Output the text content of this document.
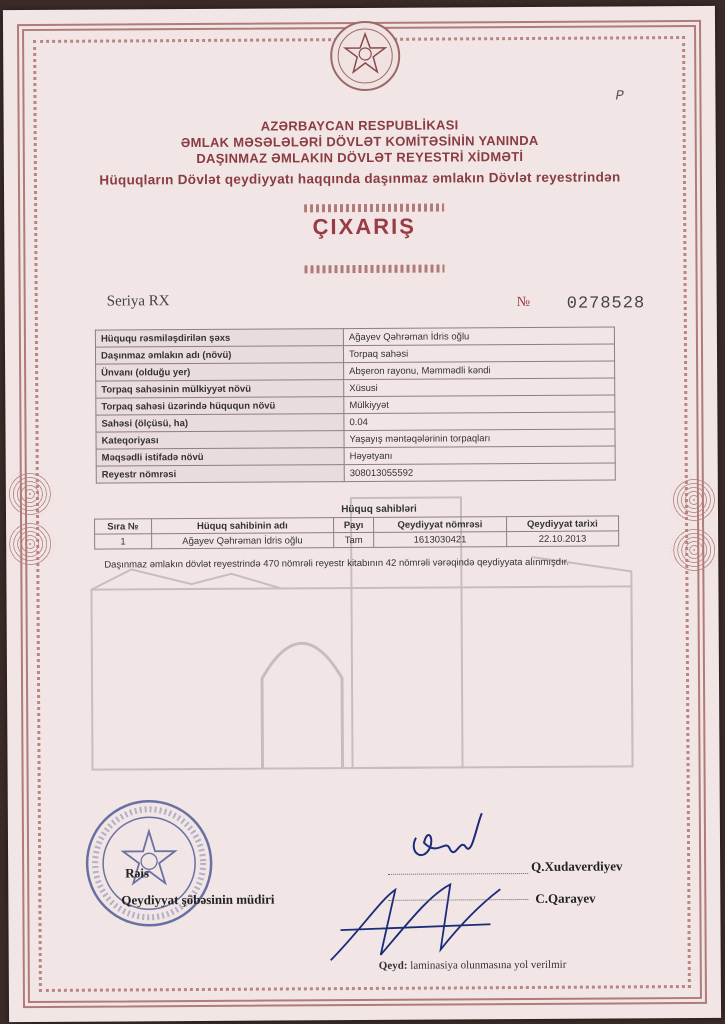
P
AZƏRBAYCAN RESPUBLİKASI
ƏMLAK MƏSƏLƏLƏRİ DÖVLƏT KOMİTƏSİNİN YANINDA
DAŞINMAZ ƏMLAKIN DÖVLƏT REYESTRİ XİDMƏTİ
Hüquqların Dövlət qeydiyyatı haqqında daşınmaz əmlakın Dövlət reyestrindən
ÇIXARIŞ
Seriya RX	№ 0278528
Hüququ rəsmiləşdirilən şəxs	Ağayev Qəhrəman İdris oğlu
Daşınmaz əmlakın adı (növü)	Torpaq sahəsi
Ünvanı (olduğu yer)	Abşeron rayonu, Məmmədli kəndi
Torpaq sahəsinin mülkiyyət növü	Xüsusi
Torpaq sahəsi üzərində hüququn növü	Mülkiyyət
Sahəsi (ölçüsü, ha)	0.04
Kateqoriyası	Yaşayış məntəqələrinin torpaqları
Məqsədli istifadə növü	Həyətyanı
Reyestr nömrəsi	308013055592
Hüquq sahibləri
Sıra №	Hüquq sahibinin adı	Payı	Qeydiyyat nömrəsi	Qeydiyyat tarixi
1	Ağayev Qəhrəman İdris oğlu	Tam	1613030421	22.10.2013
Daşınmaz əmlakın dövlət reyestrində 470 nömrəli reyestr kitabının 42 nömrəli vərəqində qeydiyyata alınmışdır.
Rəis	Q.Xudaverdiyev
Qeydiyyat şöbəsinin müdiri	C.Qarayev
Qeyd: laminasiya olunmasına yol verilmir
